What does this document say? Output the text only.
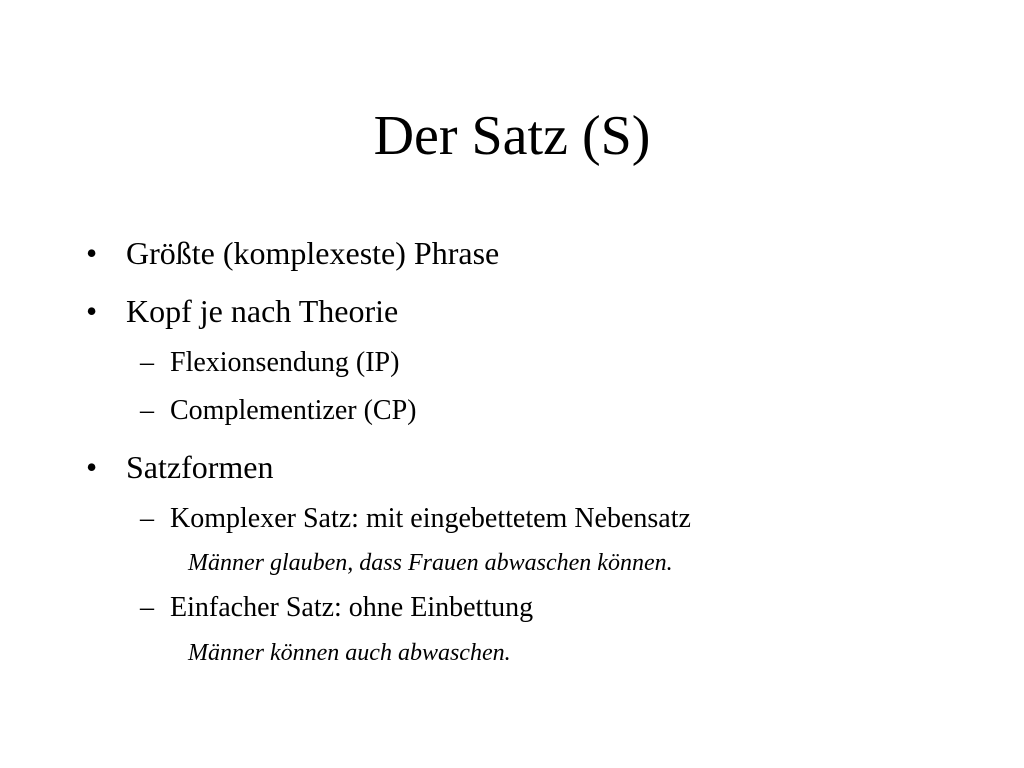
Der Satz (S)
• Größte (komplexeste) Phrase
• Kopf je nach Theorie
– Flexionsendung (IP)
– Complementizer (CP)
• Satzformen
– Komplexer Satz: mit eingebettetem Nebensatz
Männer glauben, dass Frauen abwaschen können.
– Einfacher Satz: ohne Einbettung
Männer können auch abwaschen.
